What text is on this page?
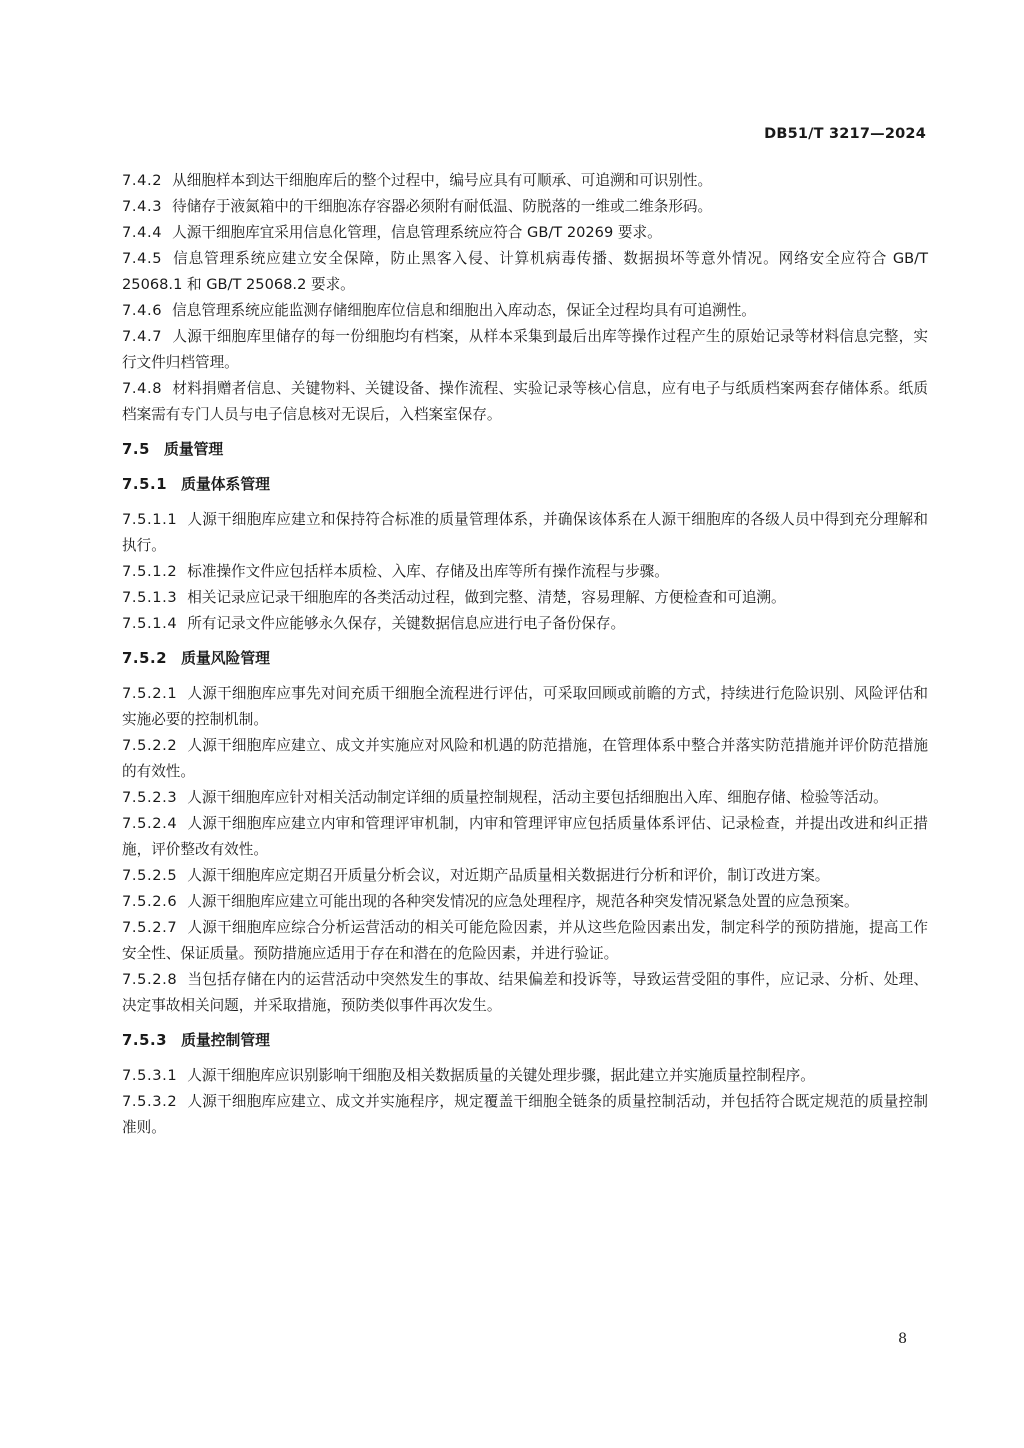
DB51/T 3217—2024

7.4.2 从细胞样本到达干细胞库后的整个过程中，编号应具有可顺承、可追溯和可识别性。

7.4.3 待储存于液氮箱中的干细胞冻存容器必须附有耐低温、防脱落的一维或二维条形码。

7.4.4 人源干细胞库宜采用信息化管理，信息管理系统应符合 GB/T 20269 要求。

7.4.5 信息管理系统应建立安全保障，防止黑客入侵、计算机病毒传播、数据损坏等意外情况。网络安全应符合 GB/T 25068.1 和 GB/T 25068.2 要求。

7.4.6 信息管理系统应能监测存储细胞库位信息和细胞出入库动态，保证全过程均具有可追溯性。

7.4.7 人源干细胞库里储存的每一份细胞均有档案，从样本采集到最后出库等操作过程产生的原始记录等材料信息完整，实行文件归档管理。

7.4.8 材料捐赠者信息、关键物料、关键设备、操作流程、实验记录等核心信息，应有电子与纸质档案两套存储体系。纸质档案需有专门人员与电子信息核对无误后，入档案室保存。

7.5 质量管理

7.5.1 质量体系管理

7.5.1.1 人源干细胞库应建立和保持符合标准的质量管理体系，并确保该体系在人源干细胞库的各级人员中得到充分理解和执行。

7.5.1.2 标准操作文件应包括样本质检、入库、存储及出库等所有操作流程与步骤。

7.5.1.3 相关记录应记录干细胞库的各类活动过程，做到完整、清楚，容易理解、方便检查和可追溯。

7.5.1.4 所有记录文件应能够永久保存，关键数据信息应进行电子备份保存。

7.5.2 质量风险管理

7.5.2.1 人源干细胞库应事先对间充质干细胞全流程进行评估，可采取回顾或前瞻的方式，持续进行危险识别、风险评估和实施必要的控制机制。

7.5.2.2 人源干细胞库应建立、成文并实施应对风险和机遇的防范措施，在管理体系中整合并落实防范措施并评价防范措施的有效性。

7.5.2.3 人源干细胞库应针对相关活动制定详细的质量控制规程，活动主要包括细胞出入库、细胞存储、检验等活动。

7.5.2.4 人源干细胞库应建立内审和管理评审机制，内审和管理评审应包括质量体系评估、记录检查，并提出改进和纠正措施，评价整改有效性。

7.5.2.5 人源干细胞库应定期召开质量分析会议，对近期产品质量相关数据进行分析和评价，制订改进方案。

7.5.2.6 人源干细胞库应建立可能出现的各种突发情况的应急处理程序，规范各种突发情况紧急处置的应急预案。

7.5.2.7 人源干细胞库应综合分析运营活动的相关可能危险因素，并从这些危险因素出发，制定科学的预防措施，提高工作安全性、保证质量。预防措施应适用于存在和潜在的危险因素，并进行验证。

7.5.2.8 当包括存储在内的运营活动中突然发生的事故、结果偏差和投诉等，导致运营受阻的事件，应记录、分析、处理、决定事故相关问题，并采取措施，预防类似事件再次发生。

7.5.3 质量控制管理

7.5.3.1 人源干细胞库应识别影响干细胞及相关数据质量的关键处理步骤，据此建立并实施质量控制程序。

7.5.3.2 人源干细胞库应建立、成文并实施程序，规定覆盖干细胞全链条的质量控制活动，并包括符合既定规范的质量控制准则。

8
